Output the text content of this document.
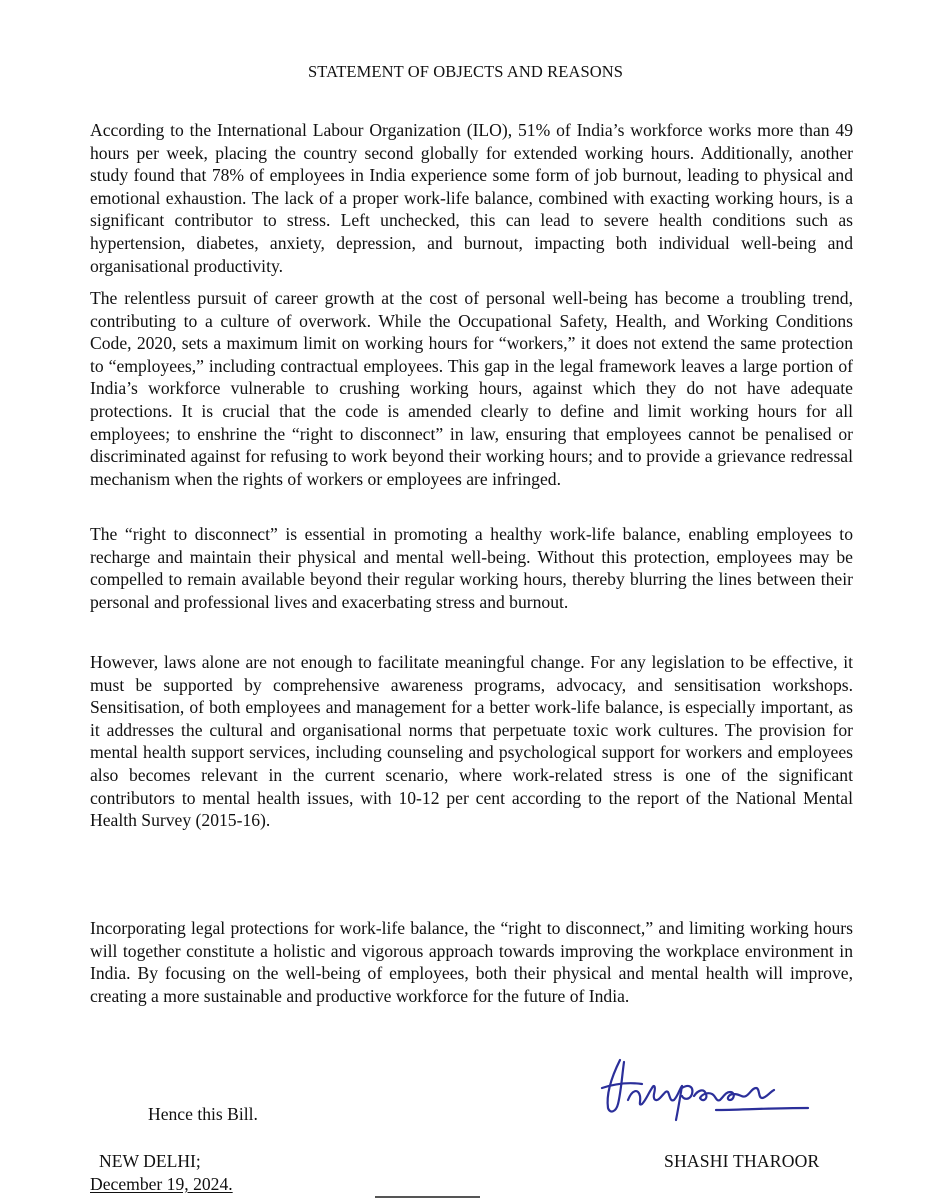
STATEMENT OF OBJECTS AND REASONS

According to the International Labour Organization (ILO), 51% of India’s workforce works more than 49 hours per week, placing the country second globally for extended working hours. Additionally, another study found that 78% of employees in India experience some form of job burnout, leading to physical and emotional exhaustion. The lack of a proper work-life balance, combined with exacting working hours, is a significant contributor to stress. Left unchecked, this can lead to severe health conditions such as hypertension, diabetes, anxiety, depression, and burnout, impacting both individual well-being and organisational productivity.

The relentless pursuit of career growth at the cost of personal well-being has become a troubling trend, contributing to a culture of overwork. While the Occupational Safety, Health, and Working Conditions Code, 2020, sets a maximum limit on working hours for “workers,” it does not extend the same protection to “employees,” including contractual employees. This gap in the legal framework leaves a large portion of India’s workforce vulnerable to crushing working hours, against which they do not have adequate protections. It is crucial that the code is amended clearly to define and limit working hours for all employees; to enshrine the “right to disconnect” in law, ensuring that employees cannot be penalised or discriminated against for refusing to work beyond their working hours; and to provide a grievance redressal mechanism when the rights of workers or employees are infringed.

The “right to disconnect” is essential in promoting a healthy work-life balance, enabling employees to recharge and maintain their physical and mental well-being. Without this protection, employees may be compelled to remain available beyond their regular working hours, thereby blurring the lines between their personal and professional lives and exacerbating stress and burnout.

However, laws alone are not enough to facilitate meaningful change. For any legislation to be effective, it must be supported by comprehensive awareness programs, advocacy, and sensitisation workshops. Sensitisation, of both employees and management for a better work-life balance, is especially important, as it addresses the cultural and organisational norms that perpetuate toxic work cultures. The provision for mental health support services, including counseling and psychological support for workers and employees also becomes relevant in the current scenario, where work-related stress is one of the significant contributors to mental health issues, with 10-12 per cent according to the report of the National Mental Health Survey (2015-16).

Incorporating legal protections for work-life balance, the “right to disconnect,” and limiting working hours will together constitute a holistic and vigorous approach towards improving the workplace environment in India. By focusing on the well-being of employees, both their physical and mental health will improve, creating a more sustainable and productive workforce for the future of India.

Hence this Bill.
NEW DELHI;
December 19, 2024.
SHASHI THAROOR
